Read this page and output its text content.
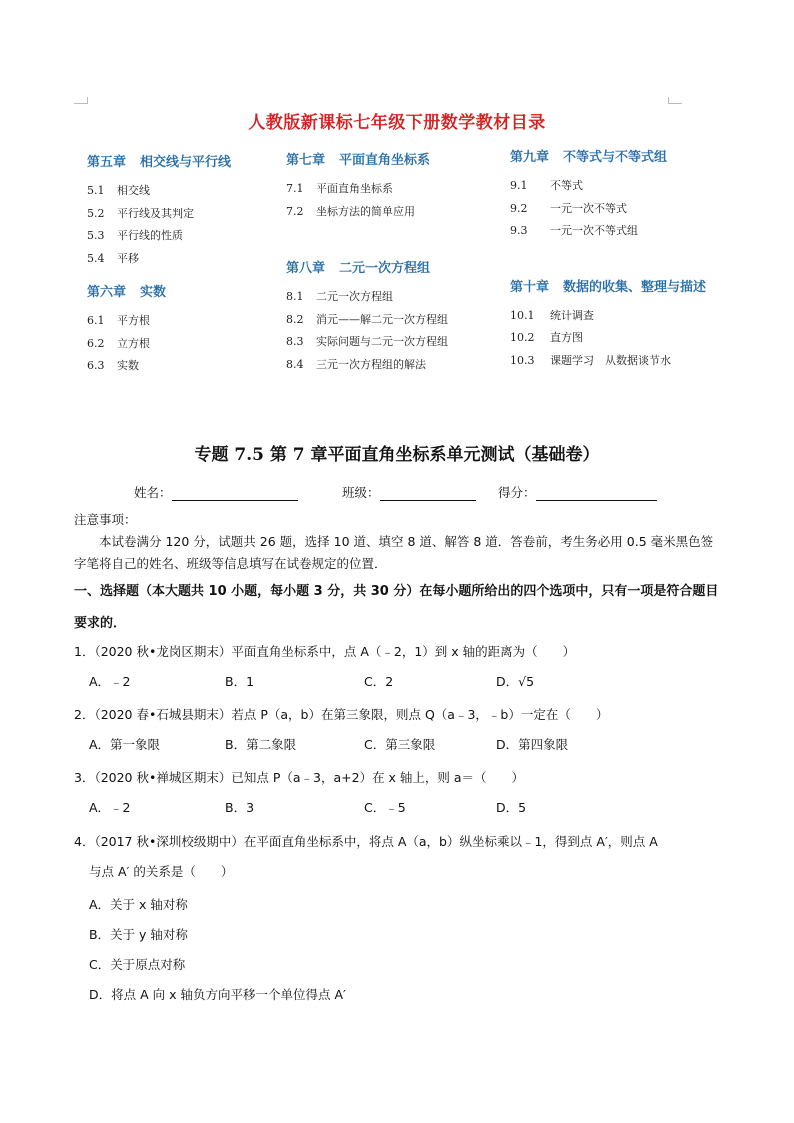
人教版新课标七年级下册数学教材目录
第五章 相交线与平行线
5.1 相交线
5.2 平行线及其判定
5.3 平行线的性质
5.4 平移
第六章 实数
6.1 平方根
6.2 立方根
6.3 实数
第七章 平面直角坐标系
7.1 平面直角坐标系
7.2 坐标方法的简单应用
第八章 二元一次方程组
8.1 二元一次方程组
8.2 消元——解二元一次方程组
8.3 实际问题与二元一次方程组
8.4 三元一次方程组的解法
第九章 不等式与不等式组
9.1 不等式
9.2 一元一次不等式
9.3 一元一次不等式组
第十章 数据的收集、整理与描述
10.1 统计调查
10.2 直方图
10.3 课题学习　从数据谈节水
专题 7.5 第 7 章平面直角坐标系单元测试（基础卷）
姓名：	班级：	得分：
注意事项：
本试卷满分 120 分，试题共 26 题，选择 10 道、填空 8 道、解答 8 道．答卷前，考生务必用 0.5 毫米黑色签字笔将自己的姓名、班级等信息填写在试卷规定的位置．
一、选择题（本大题共 10 小题，每小题 3 分，共 30 分）在每小题所给出的四个选项中，只有一项是符合题目要求的．
1．（2020 秋•龙岗区期末）平面直角坐标系中，点 A（﹣2，1）到 x 轴的距离为（　　）
A．﹣2	B．1	C．2	D．√5
2．（2020 春•石城县期末）若点 P（a，b）在第三象限，则点 Q（a﹣3，﹣b）一定在（　　）
A．第一象限	B．第二象限	C．第三象限	D．第四象限
3．（2020 秋•禅城区期末）已知点 P（a﹣3，a+2）在 x 轴上，则 a＝（　　）
A．﹣2	B．3	C．﹣5	D．5
4．（2017 秋•深圳校级期中）在平面直角坐标系中，将点 A（a，b）纵坐标乘以﹣1，得到点 A′，则点 A
与点 A′ 的关系是（　　）
A．关于 x 轴对称
B．关于 y 轴对称
C．关于原点对称
D．将点 A 向 x 轴负方向平移一个单位得点 A′
